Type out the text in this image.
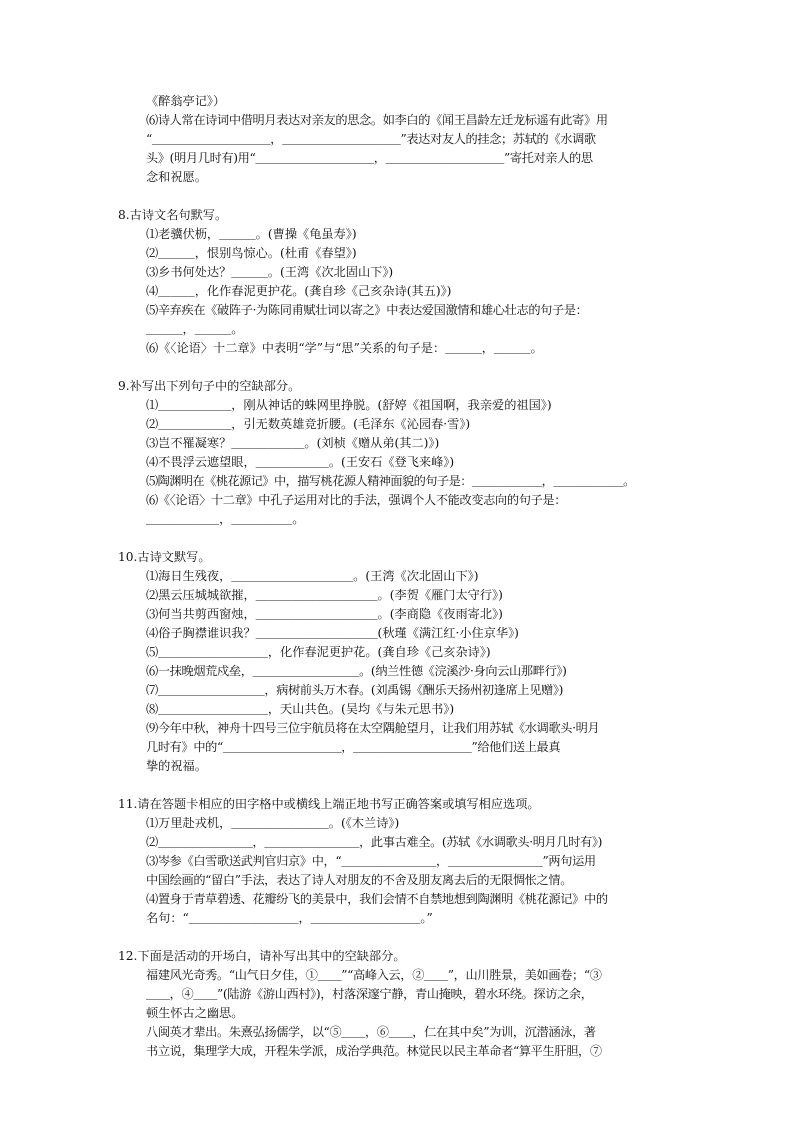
《醉翁亭记》）
⑹诗人常在诗词中借明月表达对亲友的思念。如李白的《闻王昌龄左迁龙标遥有此寄》用
“＿＿＿＿＿＿＿＿＿＿，＿＿＿＿＿＿＿＿＿＿”表达对友人的挂念；苏轼的《水调歌
头》(明月几时有)用“＿＿＿＿＿＿＿＿＿＿，＿＿＿＿＿＿＿＿＿＿”寄托对亲人的思
念和祝愿。
8.古诗文名句默写。
⑴老骥伏枥，＿＿＿。(曹操《龟虽寿》)
⑵＿＿＿，恨别鸟惊心。(杜甫《春望》)
⑶乡书何处达？＿＿＿。(王湾《次北固山下》)
⑷＿＿＿，化作春泥更护花。(龚自珍《己亥杂诗(其五)》)
⑸辛弃疾在《破阵子·为陈同甫赋壮词以寄之》中表达爱国激情和雄心壮志的句子是：
＿＿＿，＿＿＿。
⑹《〈论语〉十二章》中表明“学”与“思”关系的句子是：＿＿＿，＿＿＿。
9.补写出下列句子中的空缺部分。
⑴＿＿＿＿＿＿，刚从神话的蛛网里挣脱。(舒婷《祖国啊，我亲爱的祖国》)
⑵＿＿＿＿＿＿，引无数英雄竞折腰。(毛泽东《沁园春·雪》)
⑶岂不罹凝寒？＿＿＿＿＿＿。(刘桢《赠从弟(其二)》)
⑷不畏浮云遮望眼，＿＿＿＿＿＿。(王安石《登飞来峰》)
⑸陶渊明在《桃花源记》中，描写桃花源人精神面貌的句子是：＿＿＿＿＿＿，＿＿＿＿＿＿。
⑹《〈论语〉十二章》中孔子运用对比的手法，强调个人不能改变志向的句子是：
＿＿＿＿＿＿，＿＿＿＿＿。
10.古诗文默写。
⑴海日生残夜，＿＿＿＿＿＿＿＿＿＿。(王湾《次北固山下》)
⑵黑云压城城欲摧，＿＿＿＿＿＿＿＿＿＿。(李贺《雁门太守行》)
⑶何当共剪西窗烛，＿＿＿＿＿＿＿＿＿＿。(李商隐《夜雨寄北》)
⑷俗子胸襟谁识我？＿＿＿＿＿＿＿＿＿＿(秋瑾《满江红·小住京华》)
⑸＿＿＿＿＿＿＿＿＿，化作春泥更护花。(龚自珍《己亥杂诗》)
⑹一抹晚烟荒戍垒，＿＿＿＿＿＿＿＿＿。(纳兰性德《浣溪沙·身向云山那畔行》)
⑺＿＿＿＿＿＿＿＿＿，病树前头万木春。(刘禹锡《酬乐天扬州初逢席上见赠》)
⑻＿＿＿＿＿＿＿＿＿，天山共色。(吴均《与朱元思书》)
⑼今年中秋，神舟十四号三位宇航员将在太空隅舱望月，让我们用苏轼《水调歌头·明月
几时有》中的“＿＿＿＿＿＿＿＿＿＿，＿＿＿＿＿＿＿＿＿＿”给他们送上最真
挚的祝福。
11.请在答题卡相应的田字格中或横线上端正地书写正确答案或填写相应选项。
⑴万里赴戎机，＿＿＿＿＿＿＿＿。(《木兰诗》)
⑵＿＿＿＿＿＿＿＿，＿＿＿＿＿＿＿＿，此事古难全。(苏轼《水调歌头·明月几时有》)
⑶岑参《白雪歌送武判官归京》中，“＿＿＿＿＿＿＿＿，＿＿＿＿＿＿＿＿”两句运用
中国绘画的“留白”手法，表达了诗人对朋友的不舍及朋友离去后的无限惆怅之情。
⑷置身于青草碧透、花瓣纷飞的美景中，我们会情不自禁地想到陶渊明《桃花源记》中的
名句：“＿＿＿＿＿＿＿＿＿，＿＿＿＿＿＿＿＿＿。”
12.下面是活动的开场白，请补写出其中的空缺部分。
福建风光奇秀。“山气日夕佳，①＿＿”“高峰入云，②＿＿”，山川胜景，美如画卷；“③
＿＿，④＿＿”(陆游《游山西村》)，村落深邃宁静，青山掩映，碧水环绕。探访之余，
顿生怀古之幽思。
八闽英才辈出。朱熹弘扬儒学，以“⑤＿＿，⑥＿＿，仁在其中矣”为训，沉潜涵泳，著
书立说，集理学大成，开程朱学派，成治学典范。林觉民以民主革命者“算平生肝胆，⑦
